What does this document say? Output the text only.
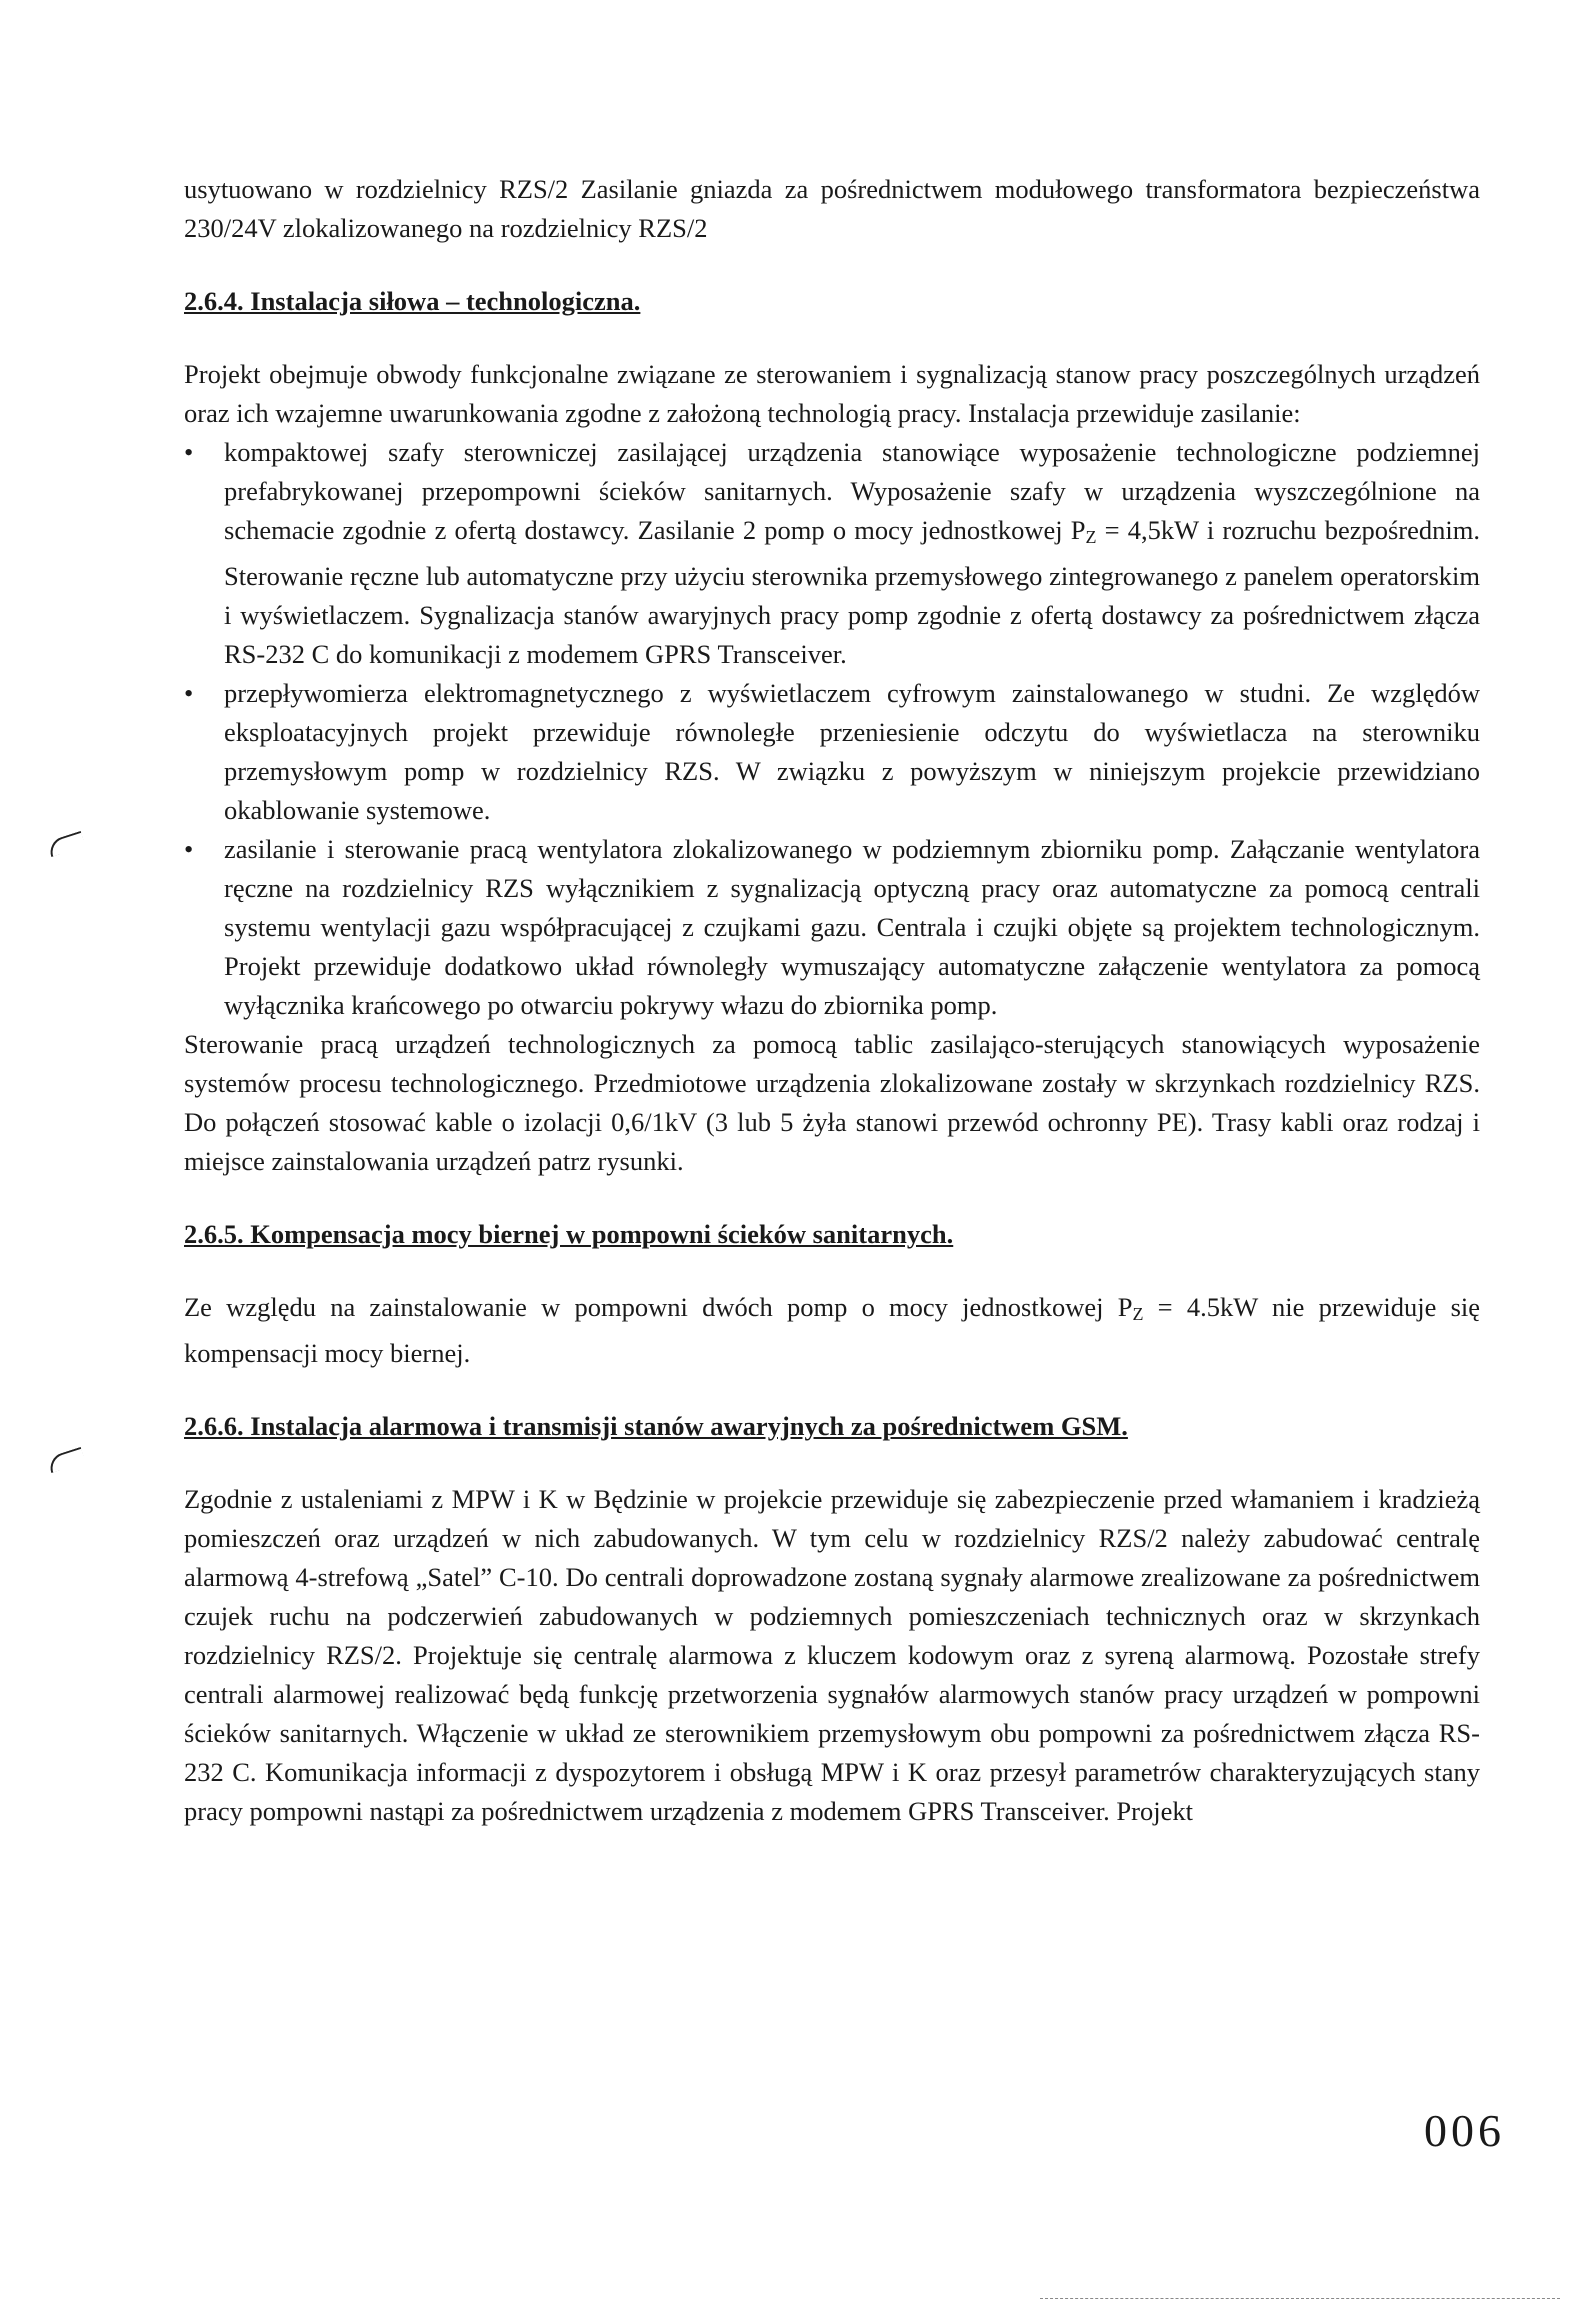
usytuowano w rozdzielnicy RZS/2 Zasilanie gniazda za pośrednictwem modułowego transformatora bezpieczeństwa 230/24V zlokalizowanego na rozdzielnicy RZS/2

2.6.4. Instalacja siłowa – technologiczna.

Projekt obejmuje obwody funkcjonalne związane ze sterowaniem i sygnalizacją stanow pracy poszczególnych urządzeń oraz ich wzajemne uwarunkowania zgodne z założoną technologią pracy. Instalacja przewiduje zasilanie:

• kompaktowej szafy sterowniczej zasilającej urządzenia stanowiące wyposażenie technologiczne podziemnej prefabrykowanej przepompowni ścieków sanitarnych. Wyposażenie szafy w urządzenia wyszczególnione na schemacie zgodnie z ofertą dostawcy. Zasilanie 2 pomp o mocy jednostkowej $P_Z = 4,5kW$ i rozruchu bezpośrednim. Sterowanie ręczne lub automatyczne przy użyciu sterownika przemysłowego zintegrowanego z panelem operatorskim i wyświetlaczem. Sygnalizacja stanów awaryjnych pracy pomp zgodnie z ofertą dostawcy za pośrednictwem złącza RS-232 C do komunikacji z modemem GPRS Transceiver.
• przepływomierza elektromagnetycznego z wyświetlaczem cyfrowym zainstalowanego w studni. Ze względów eksploatacyjnych projekt przewiduje równoległe przeniesienie odczytu do wyświetlacza na sterowniku przemysłowym pomp w rozdzielnicy RZS. W związku z powyższym w niniejszym projekcie przewidziano okablowanie systemowe.
• zasilanie i sterowanie pracą wentylatora zlokalizowanego w podziemnym zbiorniku pomp. Załączanie wentylatora ręczne na rozdzielnicy RZS wyłącznikiem z sygnalizacją optyczną pracy oraz automatyczne za pomocą centrali systemu wentylacji gazu współpracującej z czujkami gazu. Centrala i czujki objęte są projektem technologicznym. Projekt przewiduje dodatkowo układ równoległy wymuszający automatyczne załączenie wentylatora za pomocą wyłącznika krańcowego po otwarciu pokrywy włazu do zbiornika pomp.

Sterowanie pracą urządzeń technologicznych za pomocą tablic zasilająco-sterujących stanowiących wyposażenie systemów procesu technologicznego. Przedmiotowe urządzenia zlokalizowane zostały w skrzynkach rozdzielnicy RZS. Do połączeń stosować kable o izolacji 0,6/1kV (3 lub 5 żyła stanowi przewód ochronny PE). Trasy kabli oraz rodzaj i miejsce zainstalowania urządzeń patrz rysunki.

2.6.5. Kompensacja mocy biernej w pompowni ścieków sanitarnych.

Ze względu na zainstalowanie w pompowni dwóch pomp o mocy jednostkowej $P_Z = 4.5kW$ nie przewiduje się kompensacji mocy biernej.

2.6.6. Instalacja alarmowa i transmisji stanów awaryjnych za pośrednictwem GSM.

Zgodnie z ustaleniami z MPW i K w Będzinie w projekcie przewiduje się zabezpieczenie przed włamaniem i kradzieżą pomieszczeń oraz urządzeń w nich zabudowanych. W tym celu w rozdzielnicy RZS/2 należy zabudować centralę alarmową 4-strefową „Satel” C-10. Do centrali doprowadzone zostaną sygnały alarmowe zrealizowane za pośrednictwem czujek ruchu na podczerwień zabudowanych w podziemnych pomieszczeniach technicznych oraz w skrzynkach rozdzielnicy RZS/2. Projektuje się centralę alarmowa z kluczem kodowym oraz z syreną alarmową. Pozostałe strefy centrali alarmowej realizować będą funkcję przetworzenia sygnałów alarmowych stanów pracy urządzeń w pompowni ścieków sanitarnych. Włączenie w układ ze sterownikiem przemysłowym obu pompowni za pośrednictwem złącza RS-232 C. Komunikacja informacji z dyspozytorem i obsługą MPW i K oraz przesył parametrów charakteryzujących stany pracy pompowni nastąpi za pośrednictwem urządzenia z modemem GPRS Transceiver. Projekt

006
